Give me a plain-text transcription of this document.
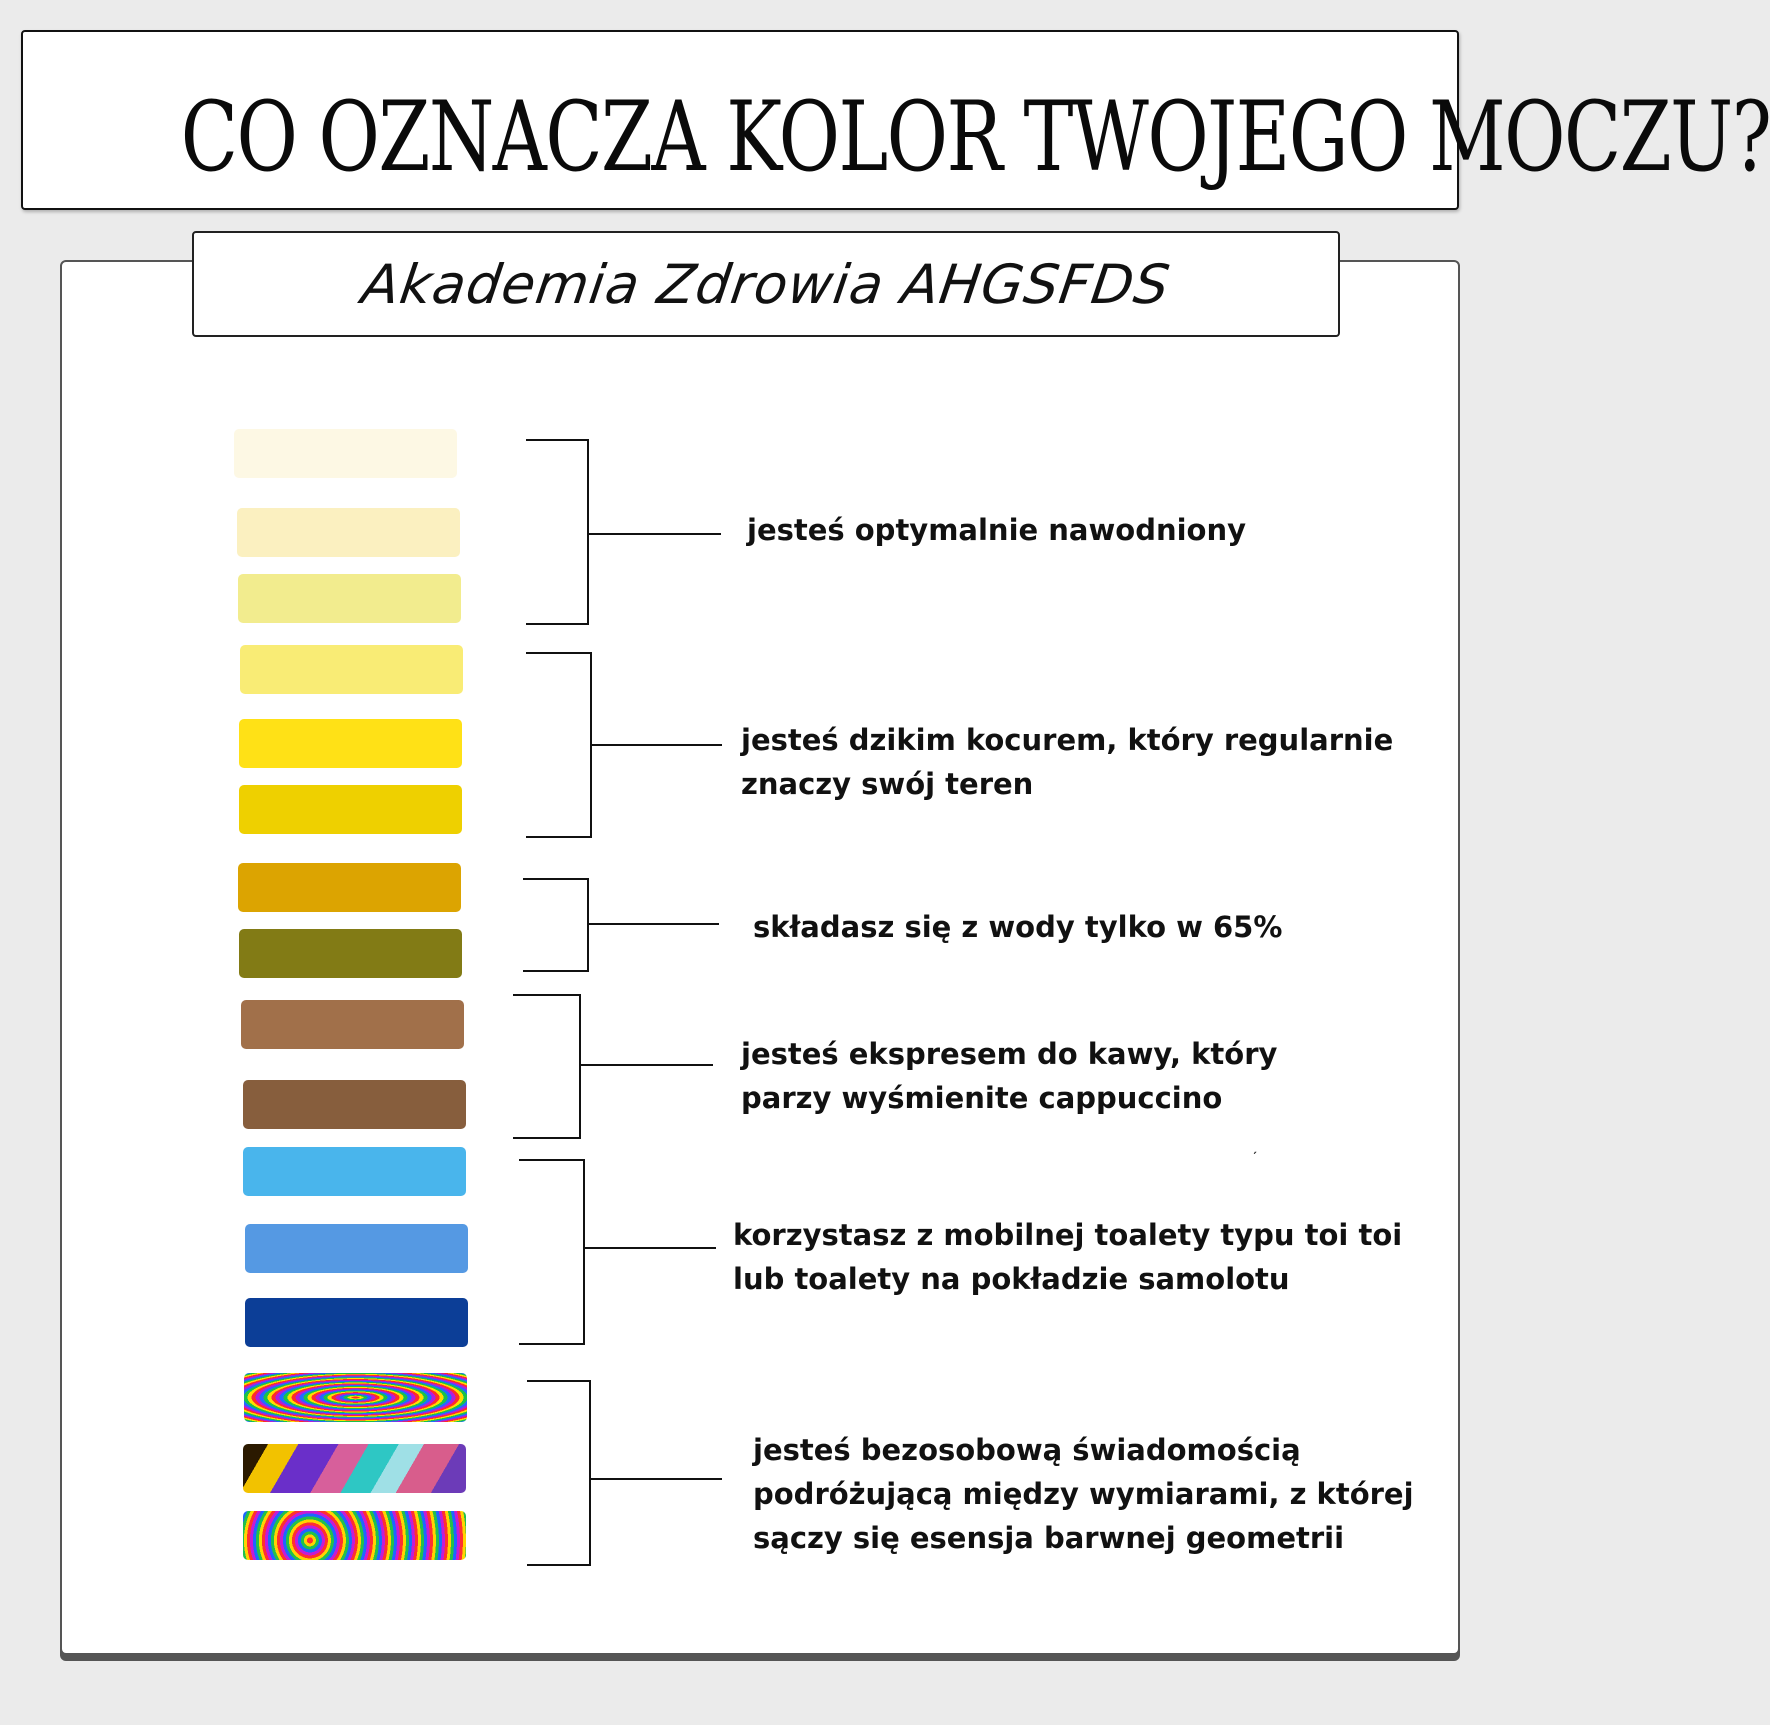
CO OZNACZA KOLOR TWOJEGO MOCZU?
Akademia Zdrowia AHGSFDS
jesteś optymalnie nawodniony
jesteś dzikim kocurem, który regularnie
znaczy swój teren
składasz się z wody tylko w 65%
jesteś ekspresem do kawy, który
parzy wyśmienite cappuccino
korzystasz z mobilnej toalety typu toi toi
lub toalety na pokładzie samolotu
jesteś bezosobową świadomością
podróżującą między wymiarami, z której
sączy się esensja barwnej geometrii
ˏ
